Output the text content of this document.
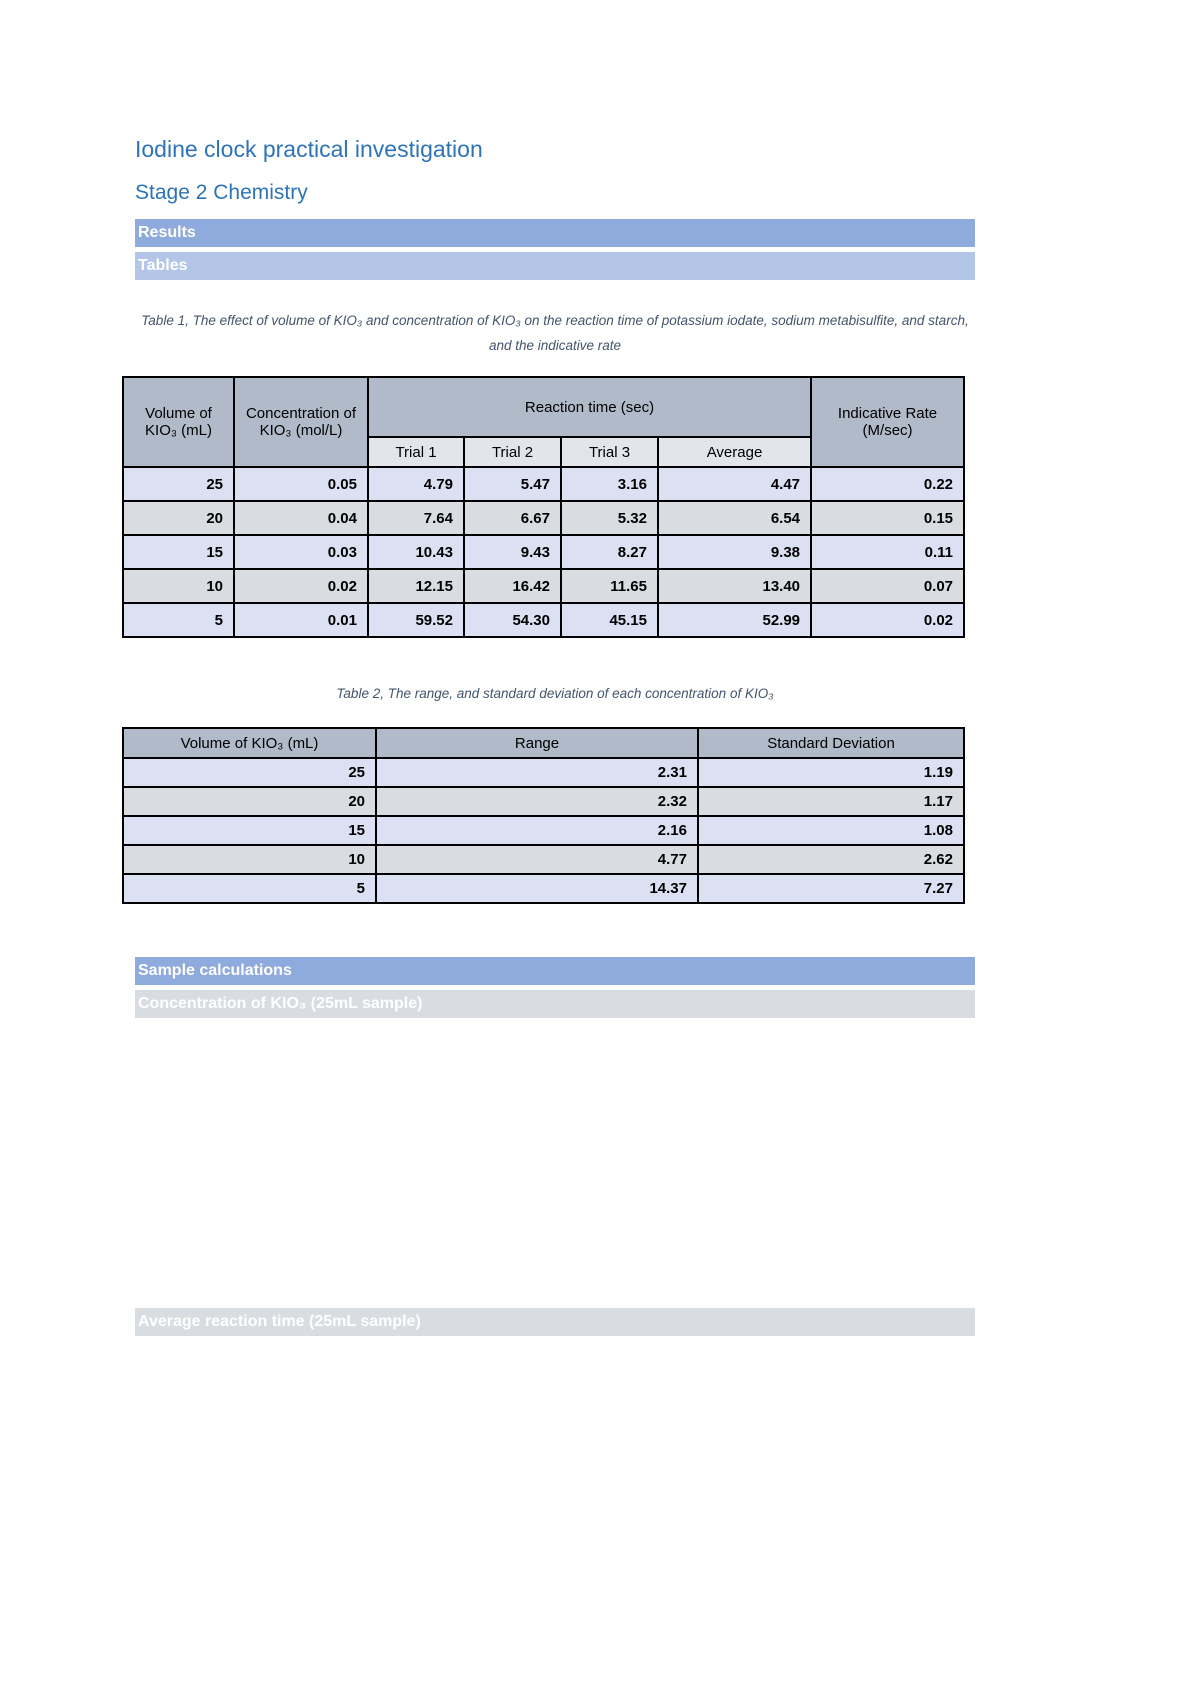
Iodine clock practical investigation
Stage 2 Chemistry
Results
Tables
Table 1, The effect of volume of KIO₃ and concentration of KIO₃ on the reaction time of potassium iodate, sodium metabisulfite, and starch, and the indicative rate
Volume of KIO₃ (mL)	Concentration of KIO₃ (mol/L)	Reaction time (sec)				Indicative Rate (M/sec)
		Trial 1	Trial 2	Trial 3	Average	
25	0.05	4.79	5.47	3.16	4.47	0.22
20	0.04	7.64	6.67	5.32	6.54	0.15
15	0.03	10.43	9.43	8.27	9.38	0.11
10	0.02	12.15	16.42	11.65	13.40	0.07
5	0.01	59.52	54.30	45.15	52.99	0.02
Table 2, The range, and standard deviation of each concentration of KIO₃
Volume of KIO₃ (mL)	Range	Standard Deviation
25	2.31	1.19
20	2.32	1.17
15	2.16	1.08
10	4.77	2.62
5	14.37	7.27
Sample calculations
Concentration of KIO₃ (25mL sample)
Average reaction time (25mL sample)
